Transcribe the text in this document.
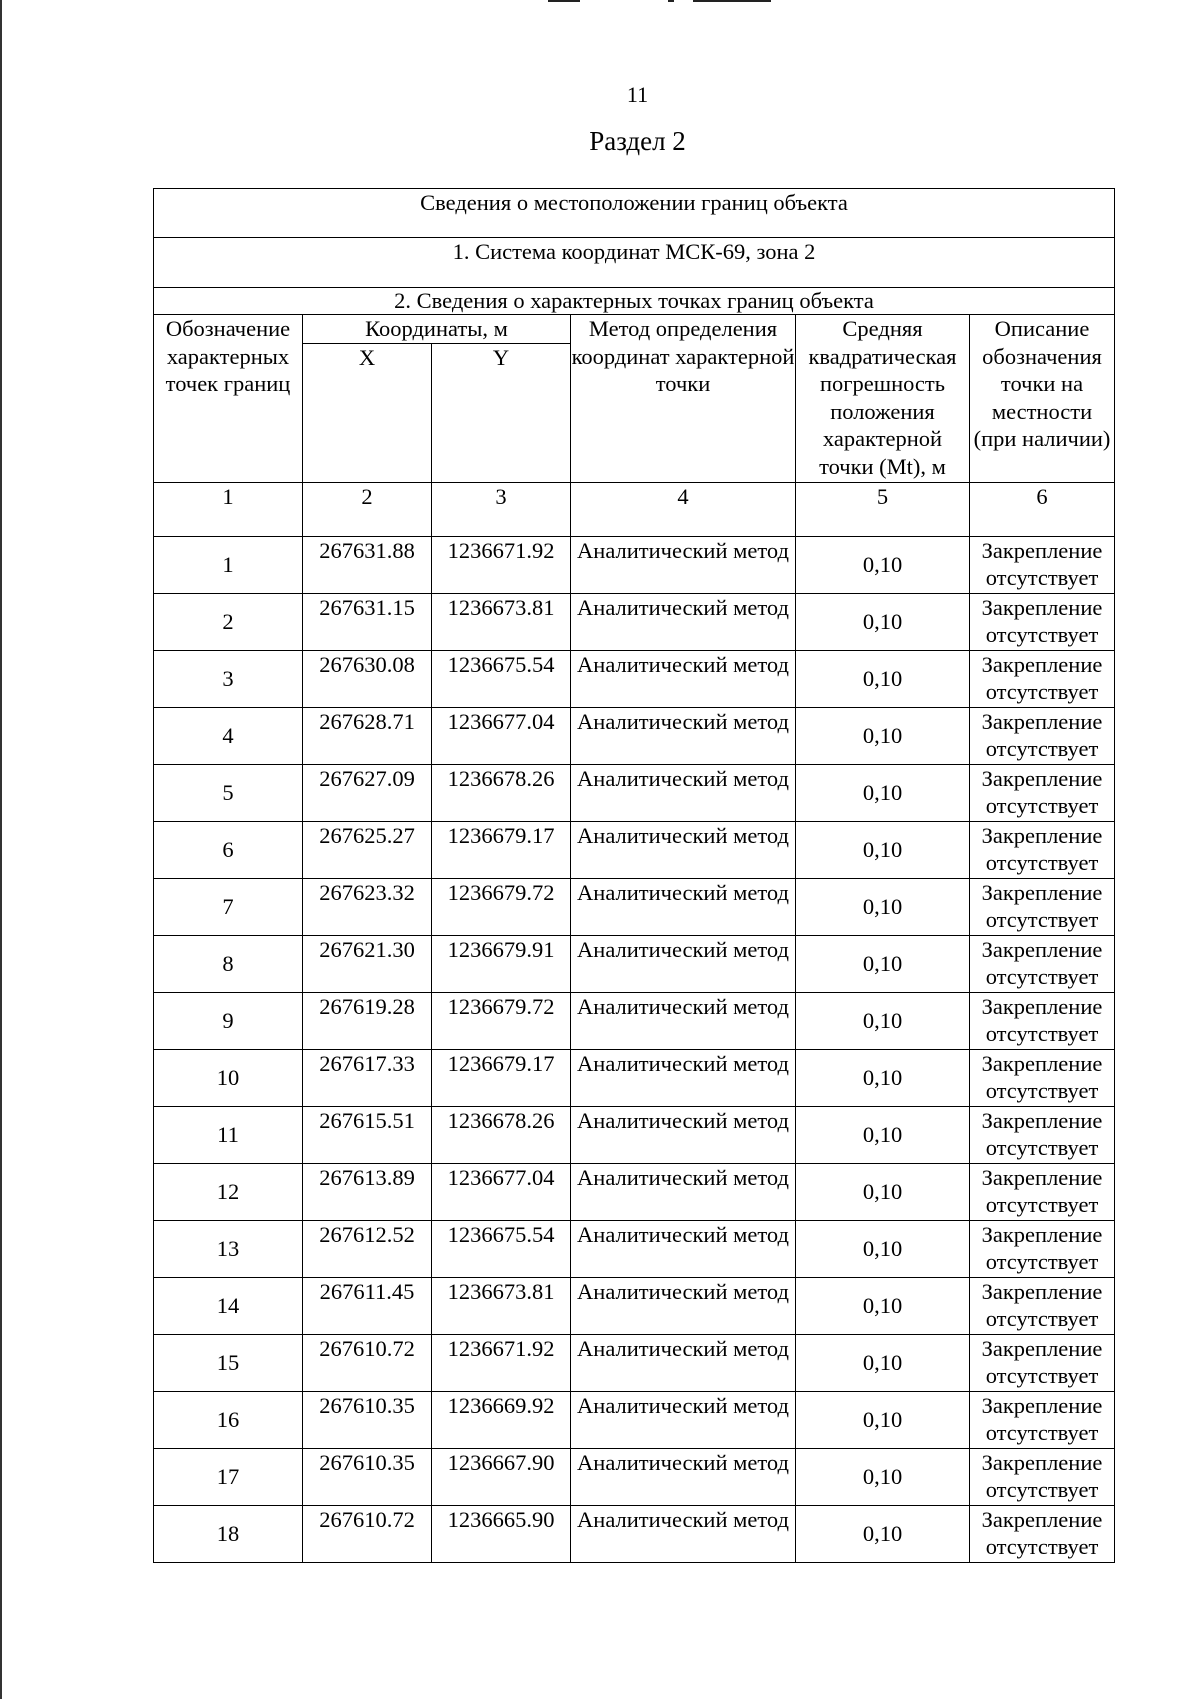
11
Раздел 2
Сведения о местоположении границ объекта					
1. Система координат МСК-69, зона 2					
2. Сведения о характерных точках границ объекта					
Обозначение характерных точек границ	Координаты, м		Метод определения координат характерной точки	Средняя квадратическая погрешность положения характерной точки (Mt), м	Описание обозначения точки на местности (при наличии)
	X	Y			
1	2	3	4	5	6
1	267631.88	1236671.92	Аналитический метод	0,10	Закрепление отсутствует
2	267631.15	1236673.81	Аналитический метод	0,10	Закрепление отсутствует
3	267630.08	1236675.54	Аналитический метод	0,10	Закрепление отсутствует
4	267628.71	1236677.04	Аналитический метод	0,10	Закрепление отсутствует
5	267627.09	1236678.26	Аналитический метод	0,10	Закрепление отсутствует
6	267625.27	1236679.17	Аналитический метод	0,10	Закрепление отсутствует
7	267623.32	1236679.72	Аналитический метод	0,10	Закрепление отсутствует
8	267621.30	1236679.91	Аналитический метод	0,10	Закрепление отсутствует
9	267619.28	1236679.72	Аналитический метод	0,10	Закрепление отсутствует
10	267617.33	1236679.17	Аналитический метод	0,10	Закрепление отсутствует
11	267615.51	1236678.26	Аналитический метод	0,10	Закрепление отсутствует
12	267613.89	1236677.04	Аналитический метод	0,10	Закрепление отсутствует
13	267612.52	1236675.54	Аналитический метод	0,10	Закрепление отсутствует
14	267611.45	1236673.81	Аналитический метод	0,10	Закрепление отсутствует
15	267610.72	1236671.92	Аналитический метод	0,10	Закрепление отсутствует
16	267610.35	1236669.92	Аналитический метод	0,10	Закрепление отсутствует
17	267610.35	1236667.90	Аналитический метод	0,10	Закрепление отсутствует
18	267610.72	1236665.90	Аналитический метод	0,10	Закрепление отсутствует
